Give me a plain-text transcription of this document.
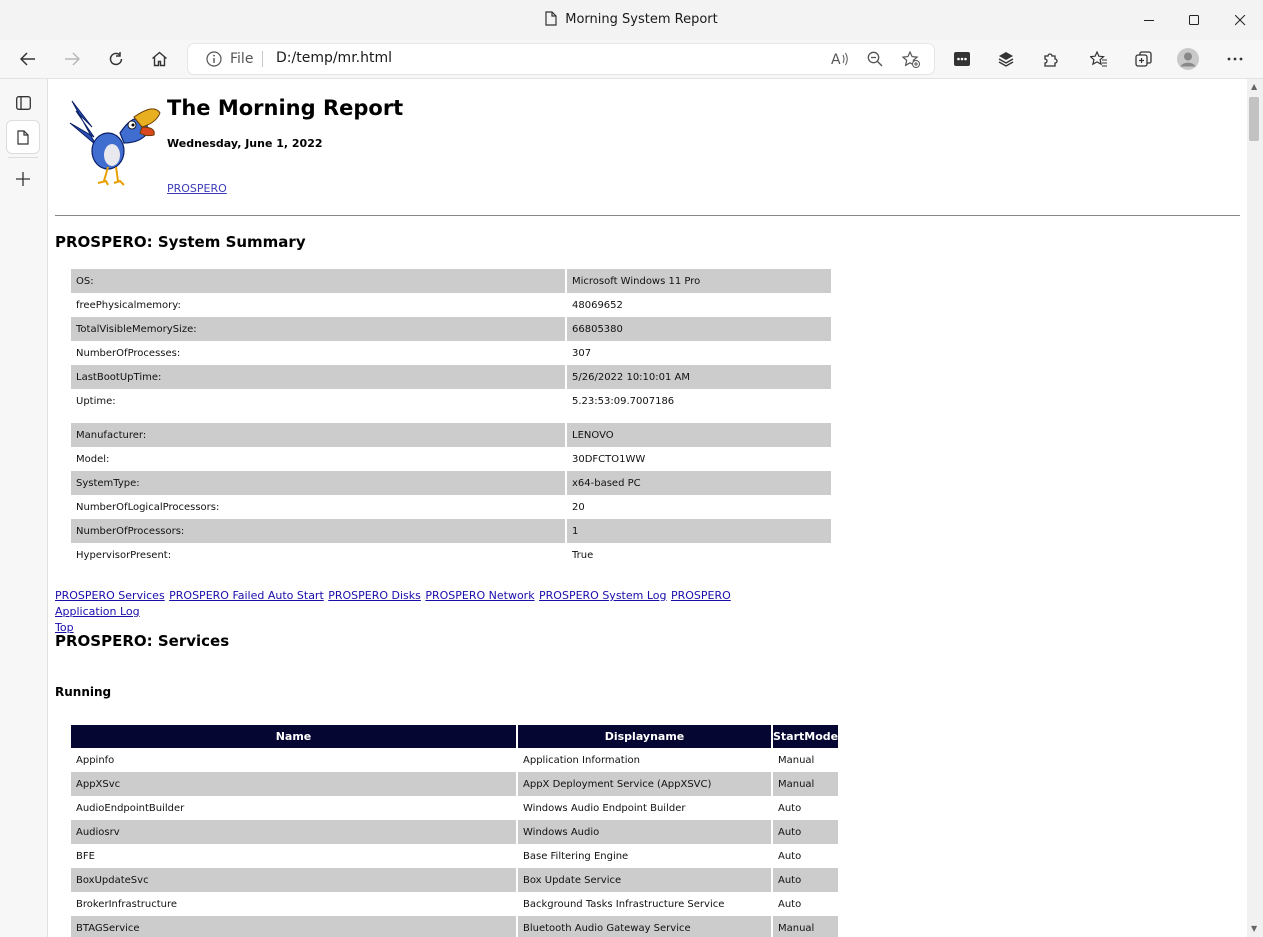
Morning System Report
File
D:/temp/mr.html	A
The Morning Report
Wednesday, June 1, 2022
PROSPERO
PROSPERO: System Summary
OS:	Microsoft Windows 11 Pro
freePhysicalmemory:	48069652
TotalVisibleMemorySize:	66805380
NumberOfProcesses:	307
LastBootUpTime:	5/26/2022 10:10:01 AM
Uptime:	5.23:53:09.7007186
Manufacturer:	LENOVO
Model:	30DFCTO1WW
SystemType:	x64-based PC
NumberOfLogicalProcessors:	20
NumberOfProcessors:	1
HypervisorPresent:	True
PROSPERO Services PROSPERO Failed Auto Start PROSPERO Disks PROSPERO Network PROSPERO System Log PROSPERO Application Log
Top
PROSPERO: Services
Running
Name	Displayname	StartMode
Appinfo	Application Information	Manual
AppXSvc	AppX Deployment Service (AppXSVC)	Manual
AudioEndpointBuilder	Windows Audio Endpoint Builder	Auto
Audiosrv	Windows Audio	Auto
BFE	Base Filtering Engine	Auto
BoxUpdateSvc	Box Update Service	Auto
BrokerInfrastructure	Background Tasks Infrastructure Service	Auto
BTAGService	Bluetooth Audio Gateway Service	Manual
▲
▼
